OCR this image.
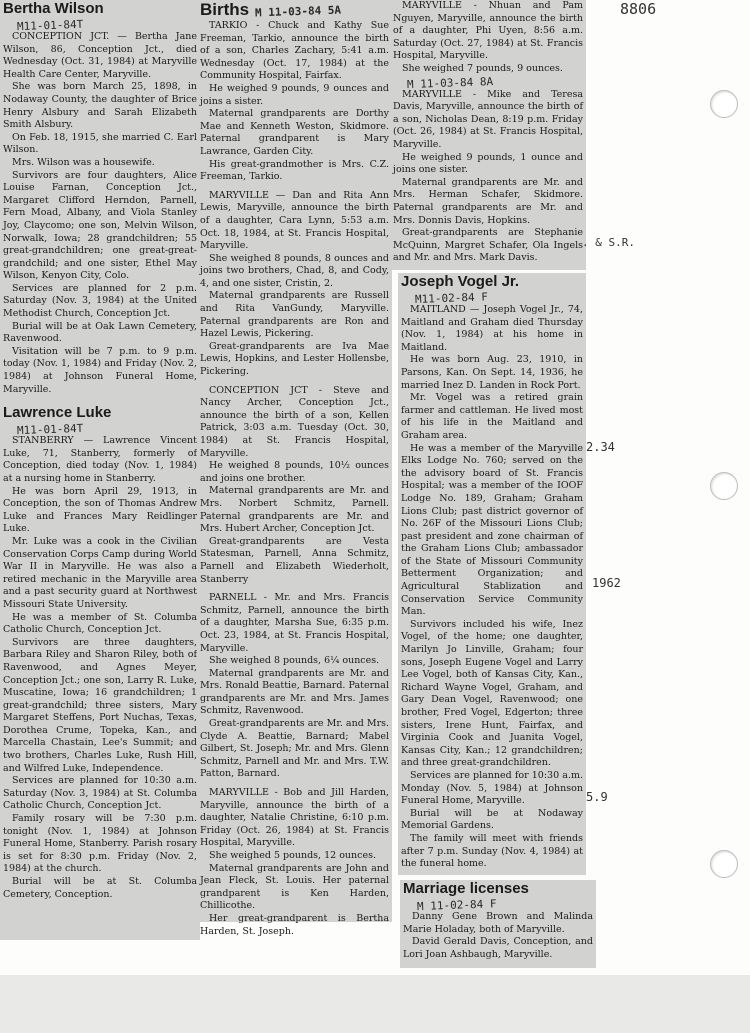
Bertha Wilson
M11-01-84T

CONCEPTION JCT. — Bertha Jane Wilson, 86, Conception Jct., died Wednesday (Oct. 31, 1984) at Maryville Health Care Center, Maryville.

She was born March 25, 1898, in Nodaway County, the daughter of Brice Henry Alsbury and Sarah Elizabeth Smith Alsbury.

On Feb. 18, 1915, she married C. Earl Wilson.

Mrs. Wilson was a housewife.

Survivors are four daughters, Alice Louise Farnan, Conception Jct., Margaret Clifford Herndon, Parnell, Fern Moad, Albany, and Viola Stanley Joy, Claycomo; one son, Melvin Wilson, Norwalk, Iowa; 28 grandchildren; 55 great-grandchildren; one great-great-grandchild; and one sister, Ethel May Wilson, Kenyon City, Colo.

Services are planned for 2 p.m. Saturday (Nov. 3, 1984) at the United Methodist Church, Conception Jct.

Burial will be at Oak Lawn Cemetery, Ravenwood.

Visitation will be 7 p.m. to 9 p.m. today (Nov. 1, 1984) and Friday (Nov. 2, 1984) at Johnson Funeral Home, Maryville.

Lawrence Luke
M11-01-84T

STANBERRY — Lawrence Vincent Luke, 71, Stanberry, formerly of Conception, died today (Nov. 1, 1984) at a nursing home in Stanberry.

He was born April 29, 1913, in Conception, the son of Thomas Andrew Luke and Frances Mary Reidlinger Luke.

Mr. Luke was a cook in the Civilian Conservation Corps Camp during World War II in Maryville. He was also a retired mechanic in the Maryville area and a past security guard at Northwest Missouri State University.

He was a member of St. Columba Catholic Church, Conception Jct.

Survivors are three daughters, Barbara Riley and Sharon Riley, both of Ravenwood, and Agnes Meyer, Conception Jct.; one son, Larry R. Luke, Muscatine, Iowa; 16 grandchildren; 1 great-grandchild; three sisters, Mary Margaret Steffens, Port Nuchas, Texas, Dorothea Crume, Topeka, Kan., and Marcella Chastain, Lee's Summit; and two brothers, Charles Luke, Rush Hill, and Wilfred Luke, Independence.

Services are planned for 10:30 a.m. Saturday (Nov. 3, 1984) at St. Columba Catholic Church, Conception Jct.

Family rosary will be 7:30 p.m. tonight (Nov. 1, 1984) at Johnson Funeral Home, Stanberry. Parish rosary is set for 8:30 p.m. Friday (Nov. 2, 1984) at the church.

Burial will be at St. Columba Cemetery, Conception.

Births M 11-03-84 5A

TARKIO - Chuck and Kathy Sue Freeman, Tarkio, announce the birth of a son, Charles Zachary, 5:41 a.m. Wednesday (Oct. 17, 1984) at the Community Hospital, Fairfax.

He weighed 9 pounds, 9 ounces and joins a sister.

Maternal grandparents are Dorthy Mae and Kenneth Weston, Skidmore. Paternal grandparent is Mary Lawrance, Garden City.

His great-grandmother is Mrs. C.Z. Freeman, Tarkio.

MARYVILLE — Dan and Rita Ann Lewis, Maryville, announce the birth of a daughter, Cara Lynn, 5:53 a.m. Oct. 18, 1984, at St. Francis Hospital, Maryville.

She weighed 8 pounds, 8 ounces and joins two brothers, Chad, 8, and Cody, 4, and one sister, Cristin, 2.

Maternal grandparents are Russell and Rita VanGundy, Maryville. Paternal grandparents are Ron and Hazel Lewis, Pickering.

Great-grandparents are Iva Mae Lewis, Hopkins, and Lester Hollensbe, Pickering.

CONCEPTION JCT - Steve and Nancy Archer, Conception Jct., announce the birth of a son, Kellen Patrick, 3:03 a.m. Tuesday (Oct. 30, 1984) at St. Francis Hospital, Maryville.

He weighed 8 pounds, 10½ ounces and joins one brother.

Maternal grandparents are Mr. and Mrs. Norbert Schmitz, Parnell. Paternal grandparents are Mr. and Mrs. Hubert Archer, Conception Jct.

Great-grandparents are Vesta Statesman, Parnell, Anna Schmitz, Parnell and Elizabeth Wiederholt, Stanberry

PARNELL - Mr. and Mrs. Francis Schmitz, Parnell, announce the birth of a daughter, Marsha Sue, 6:35 p.m. Oct. 23, 1984, at St. Francis Hospital, Maryville.

She weighed 8 pounds, 6¼ ounces.

Maternal grandparents are Mr. and Mrs. Ronald Beattie, Barnard. Paternal grandparents are Mr. and Mrs. James Schmitz, Ravenwood.

Great-grandparents are Mr. and Mrs. Clyde A. Beattie, Barnard; Mabel Gilbert, St. Joseph; Mr. and Mrs. Glenn Schmitz, Parnell and Mr. and Mrs. T.W. Patton, Barnard.

MARYVILLE - Bob and Jill Harden, Maryville, announce the birth of a daughter, Natalie Christine, 6:10 p.m. Friday (Oct. 26, 1984) at St. Francis Hospital, Maryville.

She weighed 5 pounds, 12 ounces.

Maternal grandparents are John and Jean Fleck, St. Louis. Her paternal grandparent is Ken Harden, Chillicothe.

Her great-grandparent is Bertha Harden, St. Joseph.

MARYVILLE - Nhuan and Pam Nguyen, Maryville, announce the birth of a daughter, Phi Uyen, 8:56 a.m. Saturday (Oct. 27, 1984) at St. Francis Hospital, Maryville.

She weighed 7 pounds, 9 ounces.

M 11-03-84 8A

MARYVILLE - Mike and Teresa Davis, Maryville, announce the birth of a son, Nicholas Dean, 8:19 p.m. Friday (Oct. 26, 1984) at St. Francis Hospital, Maryville.

He weighed 9 pounds, 1 ounce and joins one sister.

Maternal grandparents are Mr. and Mrs. Herman Schafer, Skidmore. Paternal grandparents are Mr. and Mrs. Donnis Davis, Hopkins.

Great-grandparents are Stephanie McQuinn, Margret Schafer, Ola Ingels and Mr. and Mrs. Mark Davis.

Joseph Vogel Jr.
M11-02-84 F

MAITLAND — Joseph Vogel Jr., 74, Maitland and Graham died Thursday (Nov. 1, 1984) at his home in Maitland.

He was born Aug. 23, 1910, in Parsons, Kan. On Sept. 14, 1936, he married Inez D. Landen in Rock Port.

Mr. Vogel was a retired grain farmer and cattleman. He lived most of his life in the Maitland and Graham area.

He was a member of the Maryville Elks Lodge No. 760; served on the the advisory board of St. Francis Hospital; was a member of the IOOF Lodge No. 189, Graham; Graham Lions Club; past district governor of No. 26F of the Missouri Lions Club; past president and zone chairman of the Graham Lions Club; ambassador of the State of Missouri Community Betterment Organization; and Agricultural Stablization and Conservation Service Community Man.

Survivors included his wife, Inez Vogel, of the home; one daughter, Marilyn Jo Linville, Graham; four sons, Joseph Eugene Vogel and Larry Lee Vogel, both of Kansas City, Kan., Richard Wayne Vogel, Graham, and Gary Dean Vogel, Ravenwood; one brother, Fred Vogel, Edgerton; three sisters, Irene Hunt, Fairfax, and Virginia Cook and Juanita Vogel, Kansas City, Kan.; 12 grandchildren; and three great-grandchildren.

Services are planned for 10:30 a.m. Monday (Nov. 5, 1984) at Johnson Funeral Home, Maryville.

Burial will be at Nodaway Memorial Gardens.

The family will meet with friends after 7 p.m. Sunday (Nov. 4, 1984) at the funeral home.

Marriage licenses
M 11-02-84 F

Danny Gene Brown and Malinda Marie Holaday, both of Maryville.

David Gerald Davis, Conception, and Lori Joan Ashbaugh, Maryville.

8806
. & S.R.
2.34
1962
5.9
